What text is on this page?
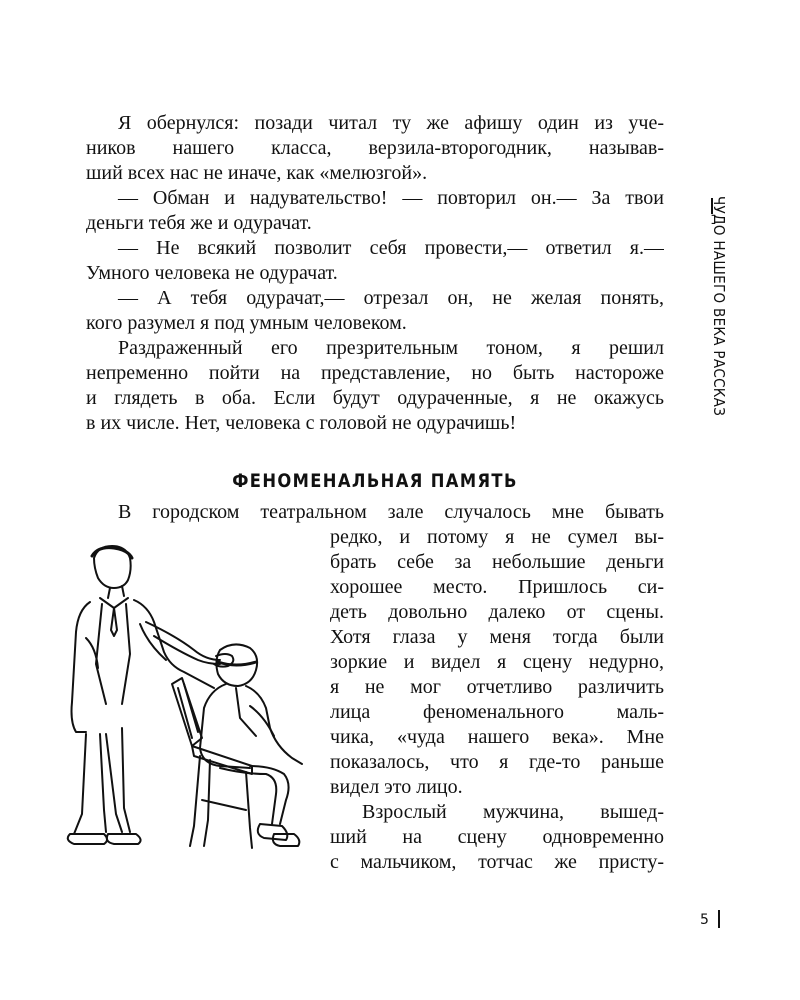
Я обернулся: позади читал ту же афишу один из уче-
ников нашего класса, верзила-второгодник, называв-
ший всех нас не иначе, как «мелюзгой».
— Обман и надувательство! — повторил он.— За твои
деньги тебя же и одурачат.
— Не всякий позволит себя провести,— ответил я.—
Умного человека не одурачат.
— А тебя одурачат,— отрезал он, не желая понять,
кого разумел я под умным человеком.
Раздраженный его презрительным тоном, я решил
непременно пойти на представление, но быть настороже
и глядеть в оба. Если будут одураченные, я не окажусь
в их числе. Нет, человека с головой не одурачишь!
ФЕНОМЕНАЛЬНАЯ ПАМЯТЬ
В городском театральном зале случалось мне бывать
редко, и потому я не сумел вы-
брать себе за небольшие деньги
хорошее место. Пришлось си-
деть довольно далеко от сцены.
Хотя глаза у меня тогда были
зоркие и видел я сцену недурно,
я не мог отчетливо различить
лица феноменального маль-
чика, «чуда нашего века». Мне
показалось, что я где-то раньше
видел это лицо.
Взрослый мужчина, вышед-
ший на сцену одновременно
с мальчиком, тотчас же присту-
ЧУДО НАШЕГО ВЕКА РАССКАЗ
5
